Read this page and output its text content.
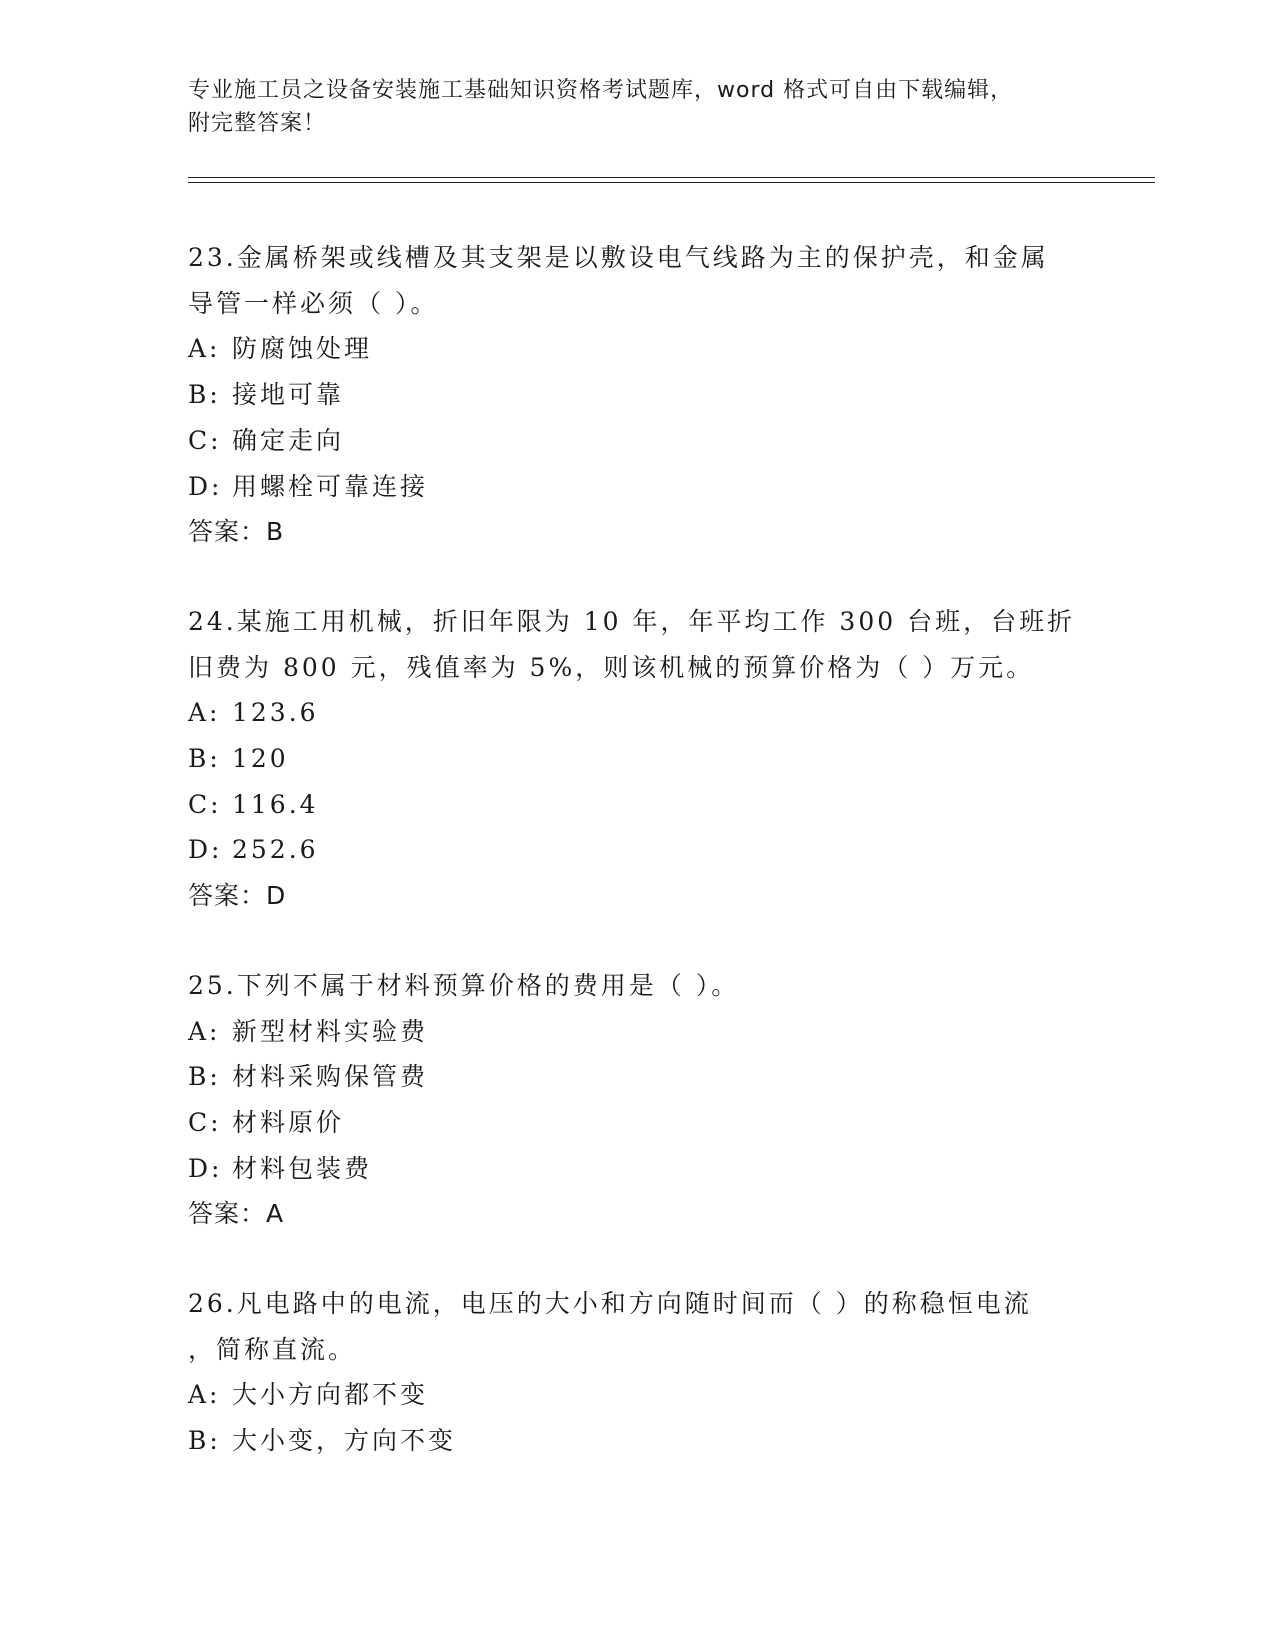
专业施工员之设备安装施工基础知识资格考试题库，word 格式可自由下载编辑，
附完整答案！
23.金属桥架或线槽及其支架是以敷设电气线路为主的保护壳，和金属
导管一样必须（ ）。
A: 防腐蚀处理
B: 接地可靠
C: 确定走向
D: 用螺栓可靠连接
答案：B
24.某施工用机械，折旧年限为 10 年，年平均工作 300 台班，台班折
旧费为 800 元，残值率为 5%，则该机械的预算价格为（ ）万元。
A: 123.6
B: 120
C: 116.4
D: 252.6
答案：D
25.下列不属于材料预算价格的费用是（ ）。
A: 新型材料实验费
B: 材料采购保管费
C: 材料原价
D: 材料包装费
答案：A
26.凡电路中的电流，电压的大小和方向随时间而（ ）的称稳恒电流
，简称直流。
A: 大小方向都不变
B: 大小变，方向不变
